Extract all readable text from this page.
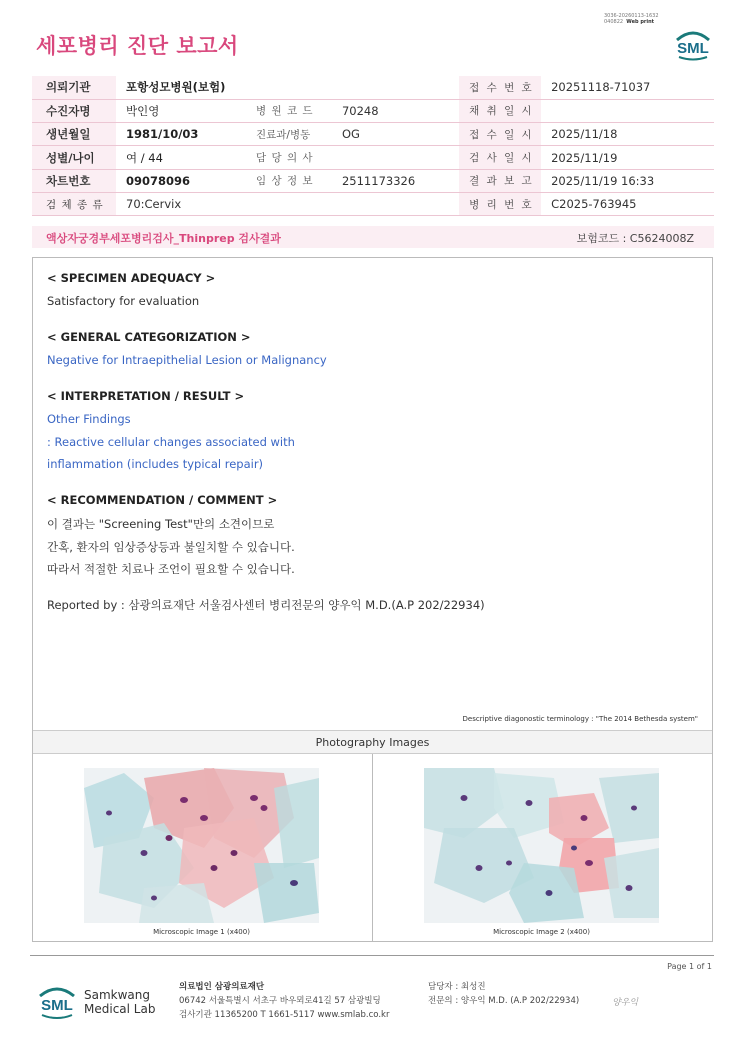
세포병리 진단 보고서
3036-20260113-1632
040822 Web print
SML
의뢰기관	포항성모병원(보험)			접 수 번 호	20251118-71037
수진자명	박인영	병 원 코 드	70248	채 취 일 시	
생년월일	1981/10/03	진료과/병동	OG	접 수 일 시	2025/11/18
성별/나이	여 / 44	담 당 의 사		검 사 일 시	2025/11/19
차트번호	09078096	임 상 정 보	2511173326	결 과 보 고	2025/11/19 16:33
검 체 종 류	70:Cervix			병 리 번 호	C2025-763945
액상자궁경부세포병리검사_Thinprep 검사결과	보험코드 : C5624008Z
< SPECIMEN ADEQUACY >
Satisfactory for evaluation
< GENERAL CATEGORIZATION >
Negative for Intraepithelial Lesion or Malignancy
< INTERPRETATION / RESULT >
Other Findings
: Reactive cellular changes associated with
inflammation (includes typical repair)
< RECOMMENDATION / COMMENT >
이 결과는 "Screening Test"만의 소견이므로
간혹, 환자의 임상증상등과 불일치할 수 있습니다.
따라서 적절한 치료나 조언이 필요할 수 있습니다.
Reported by : 삼광의료재단 서울검사센터 병리전문의 양우익 M.D.(A.P 202/22934)
Descriptive diagonostic terminology : "The 2014 Bethesda system"
Photography Images
Microscopic Image 1 (x400)	Microscopic Image 2 (x400)
Page 1 of 1
SML
Samkwang
Medical Lab
의료법인 삼광의료재단
06742 서울특별시 서초구 바우뫼로41길 57 삼광빌딩
검사기관 11365200 T 1661-5117 www.smlab.co.kr
담당자 : 최성진
전문의 : 양우익 M.D. (A.P 202/22934)	양우익
